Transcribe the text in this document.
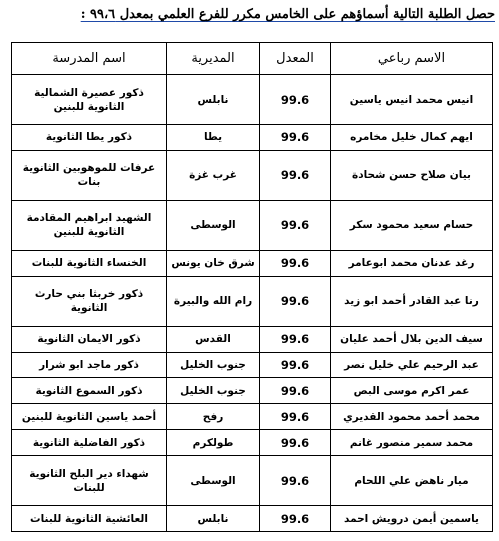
حصل الطلبة التالية أسماؤهم على الخامس مكرر للفرع العلمي بمعدل ٩٩،٦ :
الاسم رباعي	المعدل	المديرية	اسم المدرسة
انيس محمد انيس ياسين	99.6	نابلس	ذكور عصيرة الشمالية الثانوية للبنين
ايهم كمال خليل مخامره	99.6	يطا	ذكور يطا الثانوية
بيان صلاح حسن شحادة	99.6	غرب غزة	عرفات للموهوبين الثانوية بنات
حسام سعيد محمود سكر	99.6	الوسطى	الشهيد ابراهيم المقادمة الثانوية للبنين
رغد عدنان محمد ابوعامر	99.6	شرق خان يونس	الخنساء الثانوية للبنات
رنا عبد القادر أحمد ابو زيد	99.6	رام الله والبيرة	ذكور خربثا بني حارث الثانوية
سيف الدين بلال أحمد عليان	99.6	القدس	ذكور الايمان الثانوية
عبد الرحيم علي خليل نصر	99.6	جنوب الخليل	ذكور ماجد ابو شرار
عمر اكرم موسى البص	99.6	جنوب الخليل	ذكور السموع الثانوية
محمد أحمد محمود القديري	99.6	رفح	أحمد ياسين الثانوية للبنين
محمد سمير منصور غانم	99.6	طولكرم	ذكور الفاضلية الثانوية
ميار ناهض علي اللحام	99.6	الوسطى	شهداء دير البلح الثانوية للبنات
ياسمين أيمن درويش احمد	99.6	نابلس	العائشية الثانوية للبنات
